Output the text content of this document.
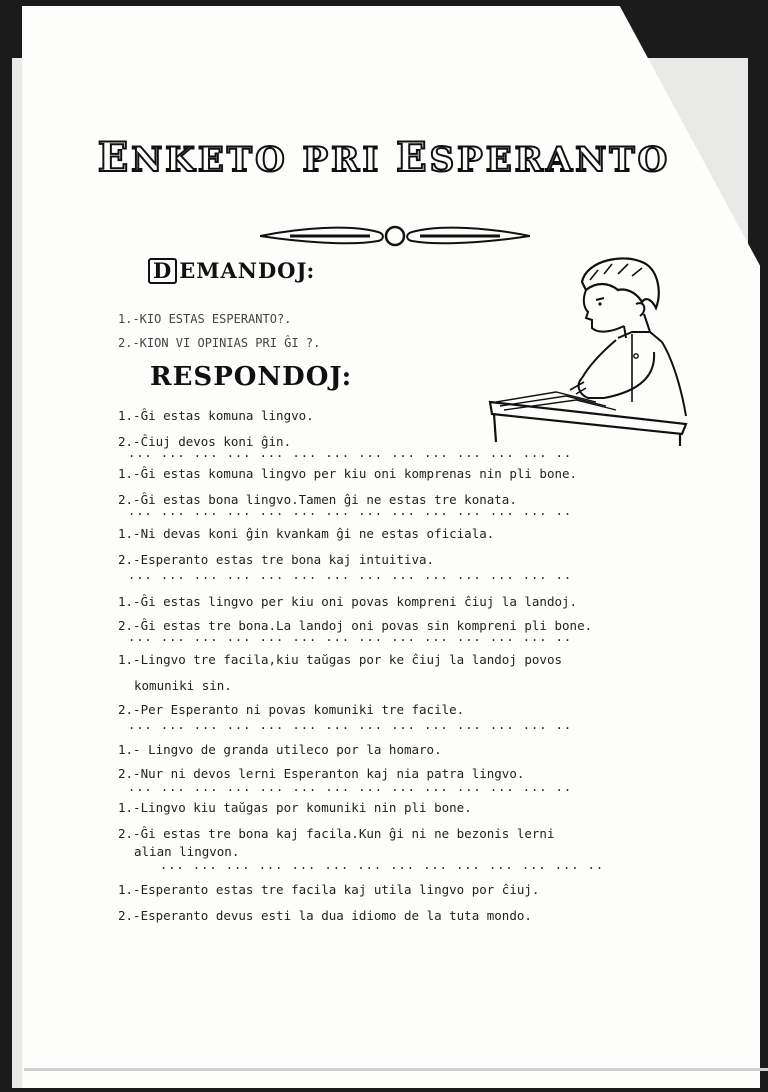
ENKETO PRI ESPERANTO
D EMANDOJ:
1.-KIO ESTAS ESPERANTO?.
2.-KION VI OPINIAS PRI ĜI ?.
RESPONDOJ:
1.-Ĝi estas komuna lingvo.
2.-Ĉiuj devos koni ĝin.
... ... ... ... ... ... ... ... ... ... ... ... ... ..
1.-Ĝi estas komuna lingvo per kiu oni komprenas nin pli bone.
2.-Ĝi estas bona lingvo.Tamen ĝi ne estas tre konata.
... ... ... ... ... ... ... ... ... ... ... ... ... ..
1.-Ni devas koni ĝin kvankam ĝi ne estas oficiala.
2.-Esperanto estas tre bona kaj intuitiva.
... ... ... ... ... ... ... ... ... ... ... ... ... ..
1.-Ĝi estas lingvo per kiu oni povas kompreni ĉiuj la landoj.
2.-Ĝi estas tre bona.La landoj oni povas sin kompreni pli bone.
... ... ... ... ... ... ... ... ... ... ... ... ... ..
1.-Lingvo tre facila,kiu taŭgas por ke ĉiuj la landoj povos
komuniki sin.
2.-Per Esperanto ni povas komuniki tre facile.
... ... ... ... ... ... ... ... ... ... ... ... ... ..
1.- Lingvo de granda utileco por la homaro.
2.-Nur ni devos lerni Esperanton kaj nia patra lingvo.
... ... ... ... ... ... ... ... ... ... ... ... ... ..
1.-Lingvo kiu taŭgas por komuniki nin pli bone.
2.-Ĝi estas tre bona kaj facila.Kun ĝi ni ne bezonis lerni
alian lingvon.
... ... ... ... ... ... ... ... ... ... ... ... ... ..
1.-Esperanto estas tre facila kaj utila lingvo por ĉiuj.
2.-Esperanto devus esti la dua idiomo de la tuta mondo.
